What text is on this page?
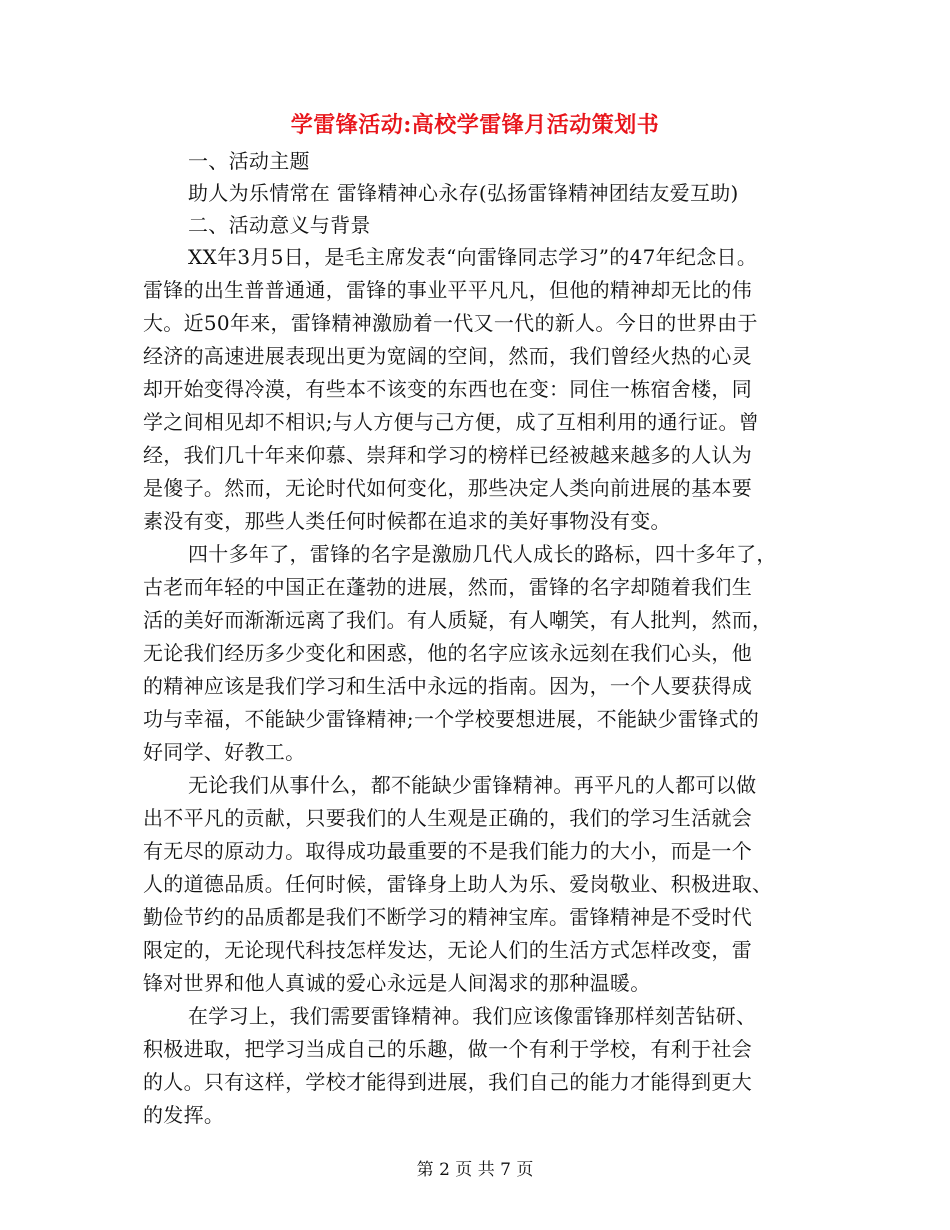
学雷锋活动:高校学雷锋月活动策划书
一、活动主题
助人为乐情常在 雷锋精神心永存(弘扬雷锋精神团结友爱互助)
二、活动意义与背景
XX年3月5日，是毛主席发表“向雷锋同志学习”的47年纪念日。
雷锋的出生普普通通，雷锋的事业平平凡凡，但他的精神却无比的伟
大。近50年来，雷锋精神激励着一代又一代的新人。今日的世界由于
经济的高速进展表现出更为宽阔的空间，然而，我们曾经火热的心灵
却开始变得冷漠，有些本不该变的东西也在变：同住一栋宿舍楼，同
学之间相见却不相识;与人方便与己方便，成了互相利用的通行证。曾
经，我们几十年来仰慕、崇拜和学习的榜样已经被越来越多的人认为
是傻子。然而，无论时代如何变化，那些决定人类向前进展的基本要
素没有变，那些人类任何时候都在追求的美好事物没有变。
四十多年了，雷锋的名字是激励几代人成长的路标，四十多年了，
古老而年轻的中国正在蓬勃的进展，然而，雷锋的名字却随着我们生
活的美好而渐渐远离了我们。有人质疑，有人嘲笑，有人批判，然而，
无论我们经历多少变化和困惑，他的名字应该永远刻在我们心头，他
的精神应该是我们学习和生活中永远的指南。因为，一个人要获得成
功与幸福，不能缺少雷锋精神;一个学校要想进展，不能缺少雷锋式的
好同学、好教工。
无论我们从事什么，都不能缺少雷锋精神。再平凡的人都可以做
出不平凡的贡献，只要我们的人生观是正确的，我们的学习生活就会
有无尽的原动力。取得成功最重要的不是我们能力的大小，而是一个
人的道德品质。任何时候，雷锋身上助人为乐、爱岗敬业、积极进取、
勤俭节约的品质都是我们不断学习的精神宝库。雷锋精神是不受时代
限定的，无论现代科技怎样发达，无论人们的生活方式怎样改变，雷
锋对世界和他人真诚的爱心永远是人间渴求的那种温暖。
在学习上，我们需要雷锋精神。我们应该像雷锋那样刻苦钻研、
积极进取，把学习当成自己的乐趣，做一个有利于学校，有利于社会
的人。只有这样，学校才能得到进展，我们自己的能力才能得到更大
的发挥。
第 2 页 共 7 页
